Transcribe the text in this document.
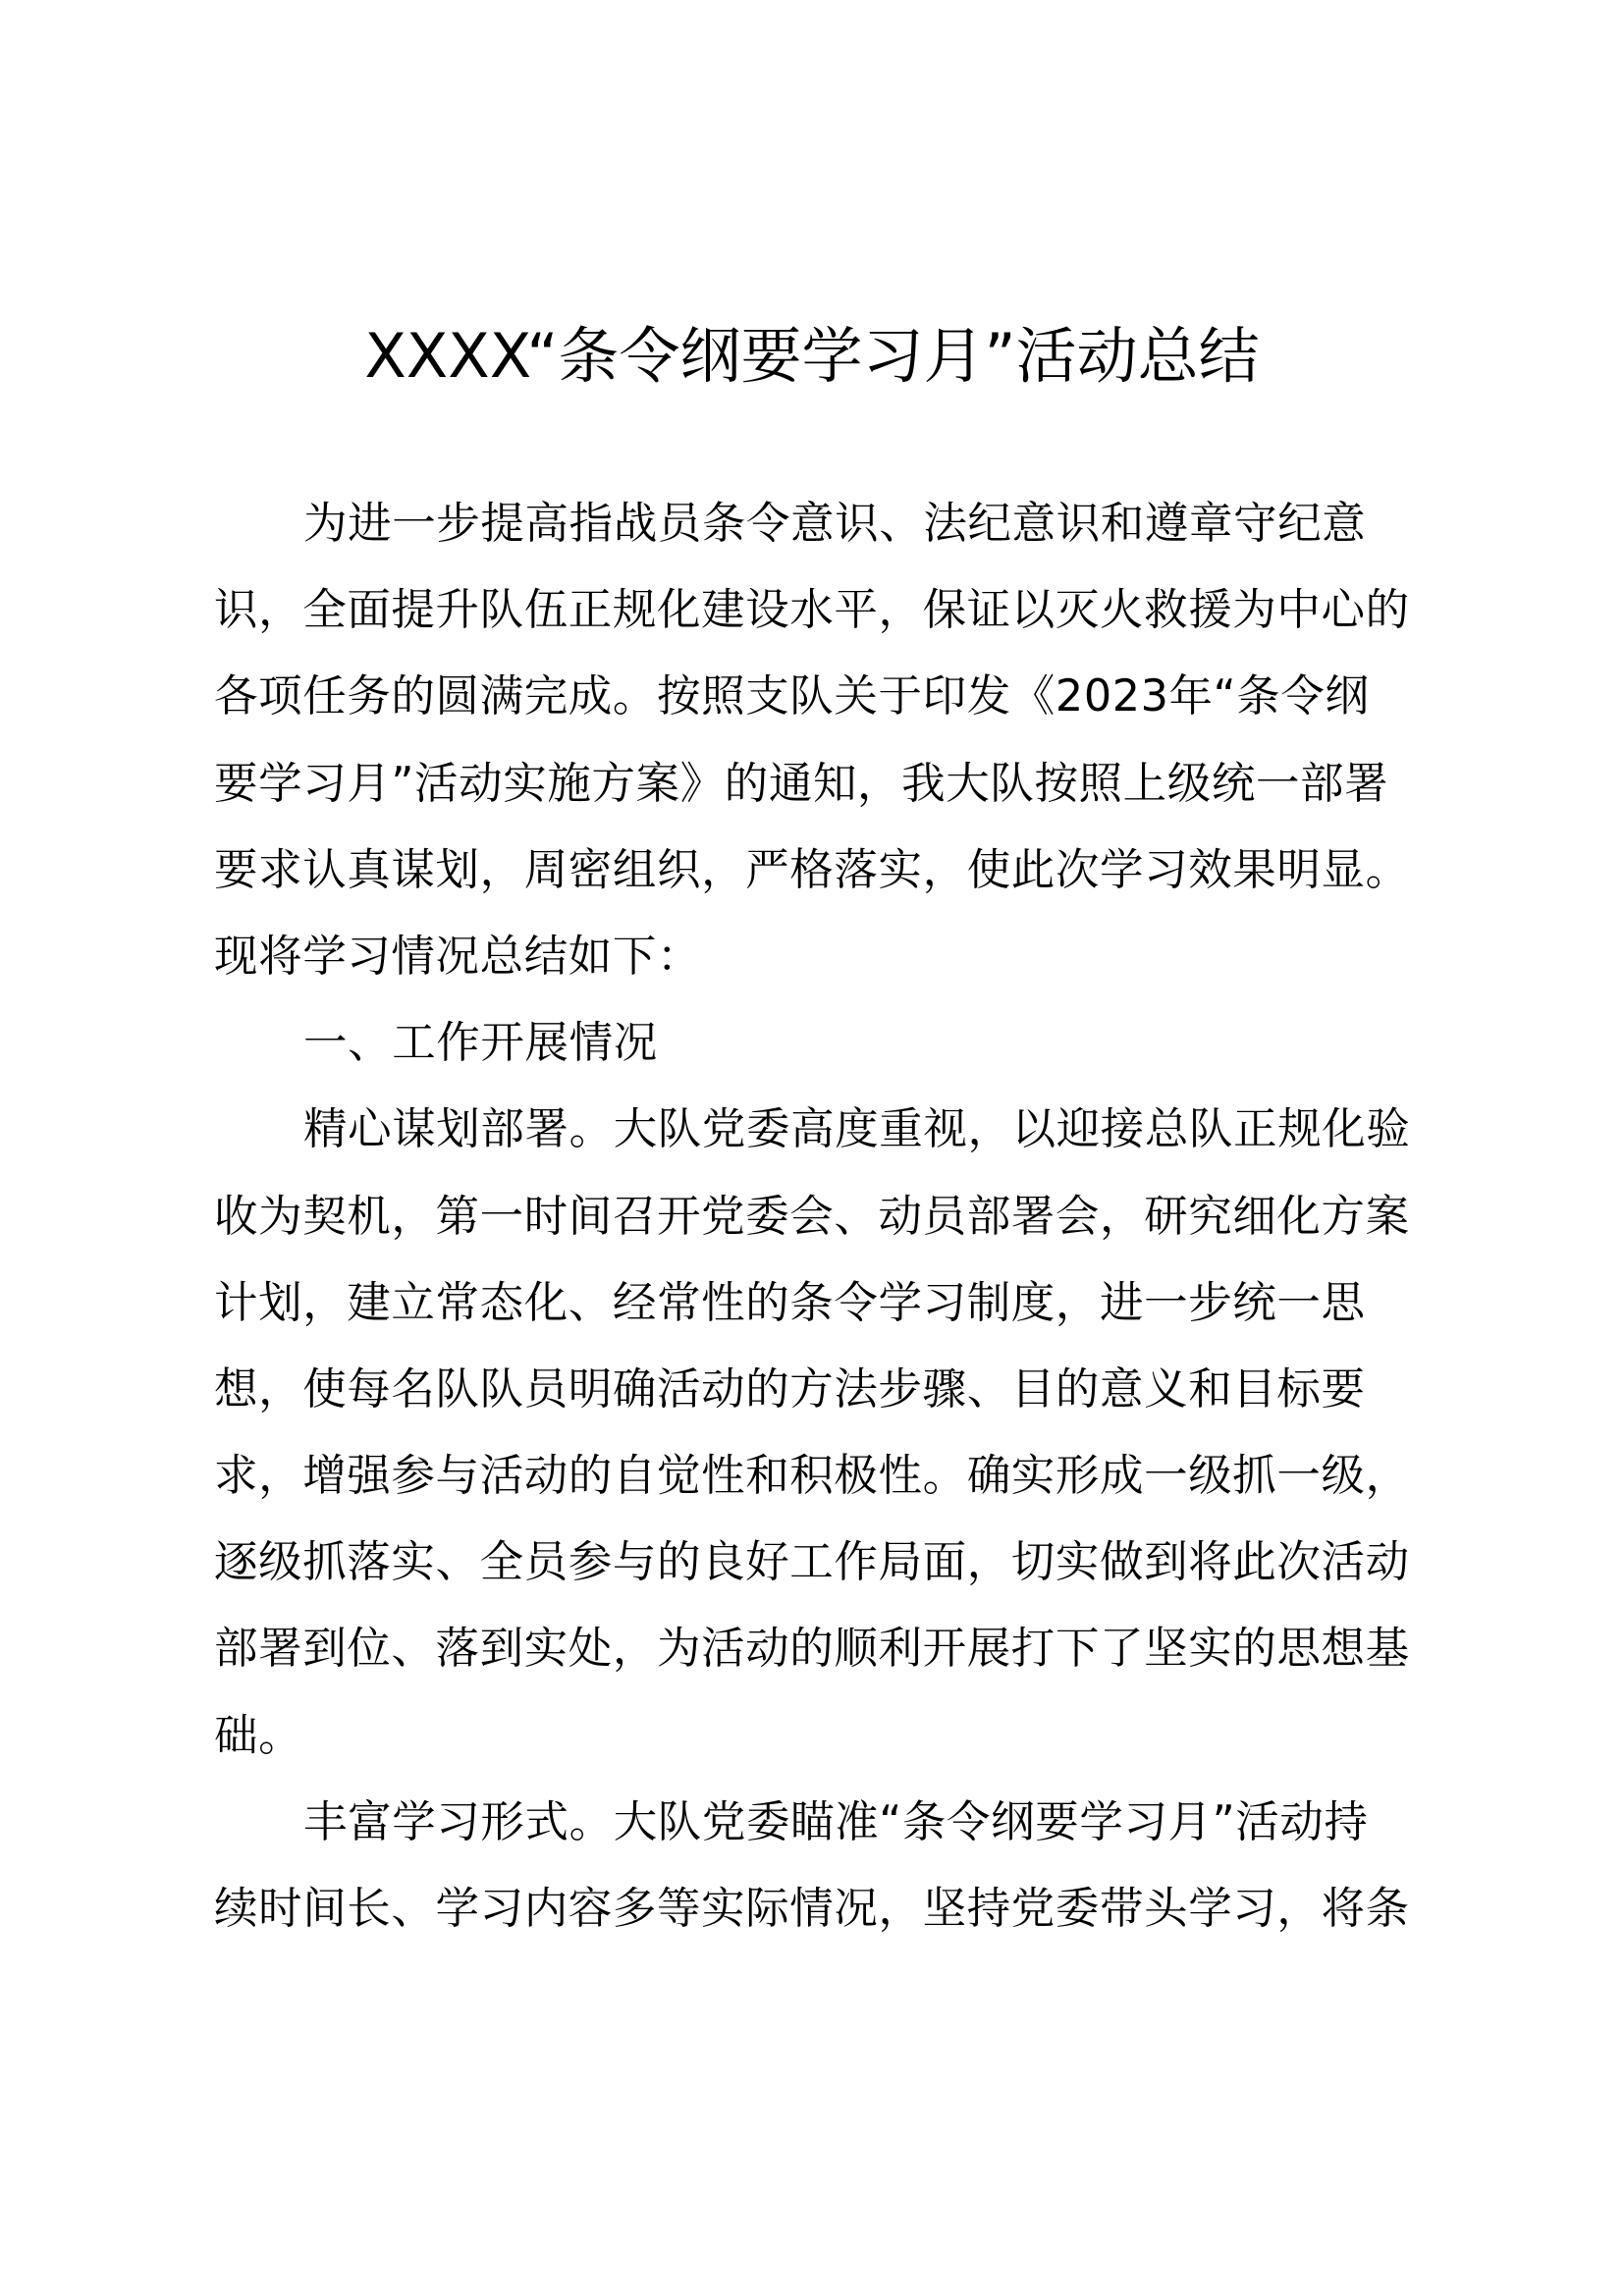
XXXX“条令纲要学习月”活动总结
为进一步提高指战员条令意识、法纪意识和遵章守纪意
识，全面提升队伍正规化建设水平，保证以灭火救援为中心的
各项任务的圆满完成。按照支队关于印发《2023年“条令纲
要学习月”活动实施方案》的通知，我大队按照上级统一部署
要求认真谋划，周密组织，严格落实，使此次学习效果明显。
现将学习情况总结如下：
一、工作开展情况
精心谋划部署。大队党委高度重视，以迎接总队正规化验
收为契机，第一时间召开党委会、动员部署会，研究细化方案
计划，建立常态化、经常性的条令学习制度，进一步统一思
想，使每名队队员明确活动的方法步骤、目的意义和目标要
求，增强参与活动的自觉性和积极性。确实形成一级抓一级，
逐级抓落实、全员参与的良好工作局面，切实做到将此次活动
部署到位、落到实处，为活动的顺利开展打下了坚实的思想基
础。
丰富学习形式。大队党委瞄准“条令纲要学习月”活动持
续时间长、学习内容多等实际情况，坚持党委带头学习，将条
